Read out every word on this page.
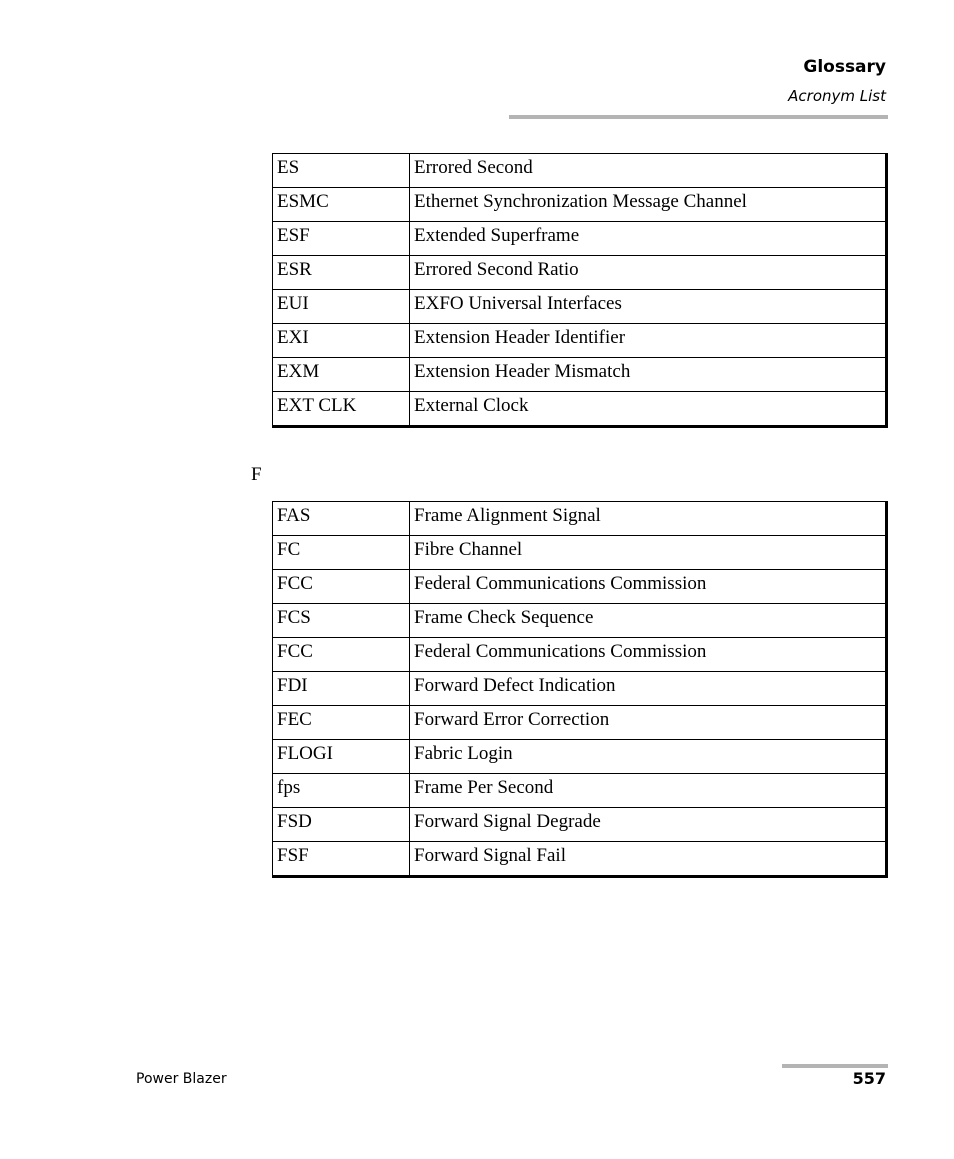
Glossary
Acronym List
ES	Errored Second
ESMC	Ethernet Synchronization Message Channel
ESF	Extended Superframe
ESR	Errored Second Ratio
EUI	EXFO Universal Interfaces
EXI	Extension Header Identifier
EXM	Extension Header Mismatch
EXT CLK	External Clock
F
FAS	Frame Alignment Signal
FC	Fibre Channel
FCC	Federal Communications Commission
FCS	Frame Check Sequence
FCC	Federal Communications Commission
FDI	Forward Defect Indication
FEC	Forward Error Correction
FLOGI	Fabric Login
fps	Frame Per Second
FSD	Forward Signal Degrade
FSF	Forward Signal Fail
Power Blazer	557
